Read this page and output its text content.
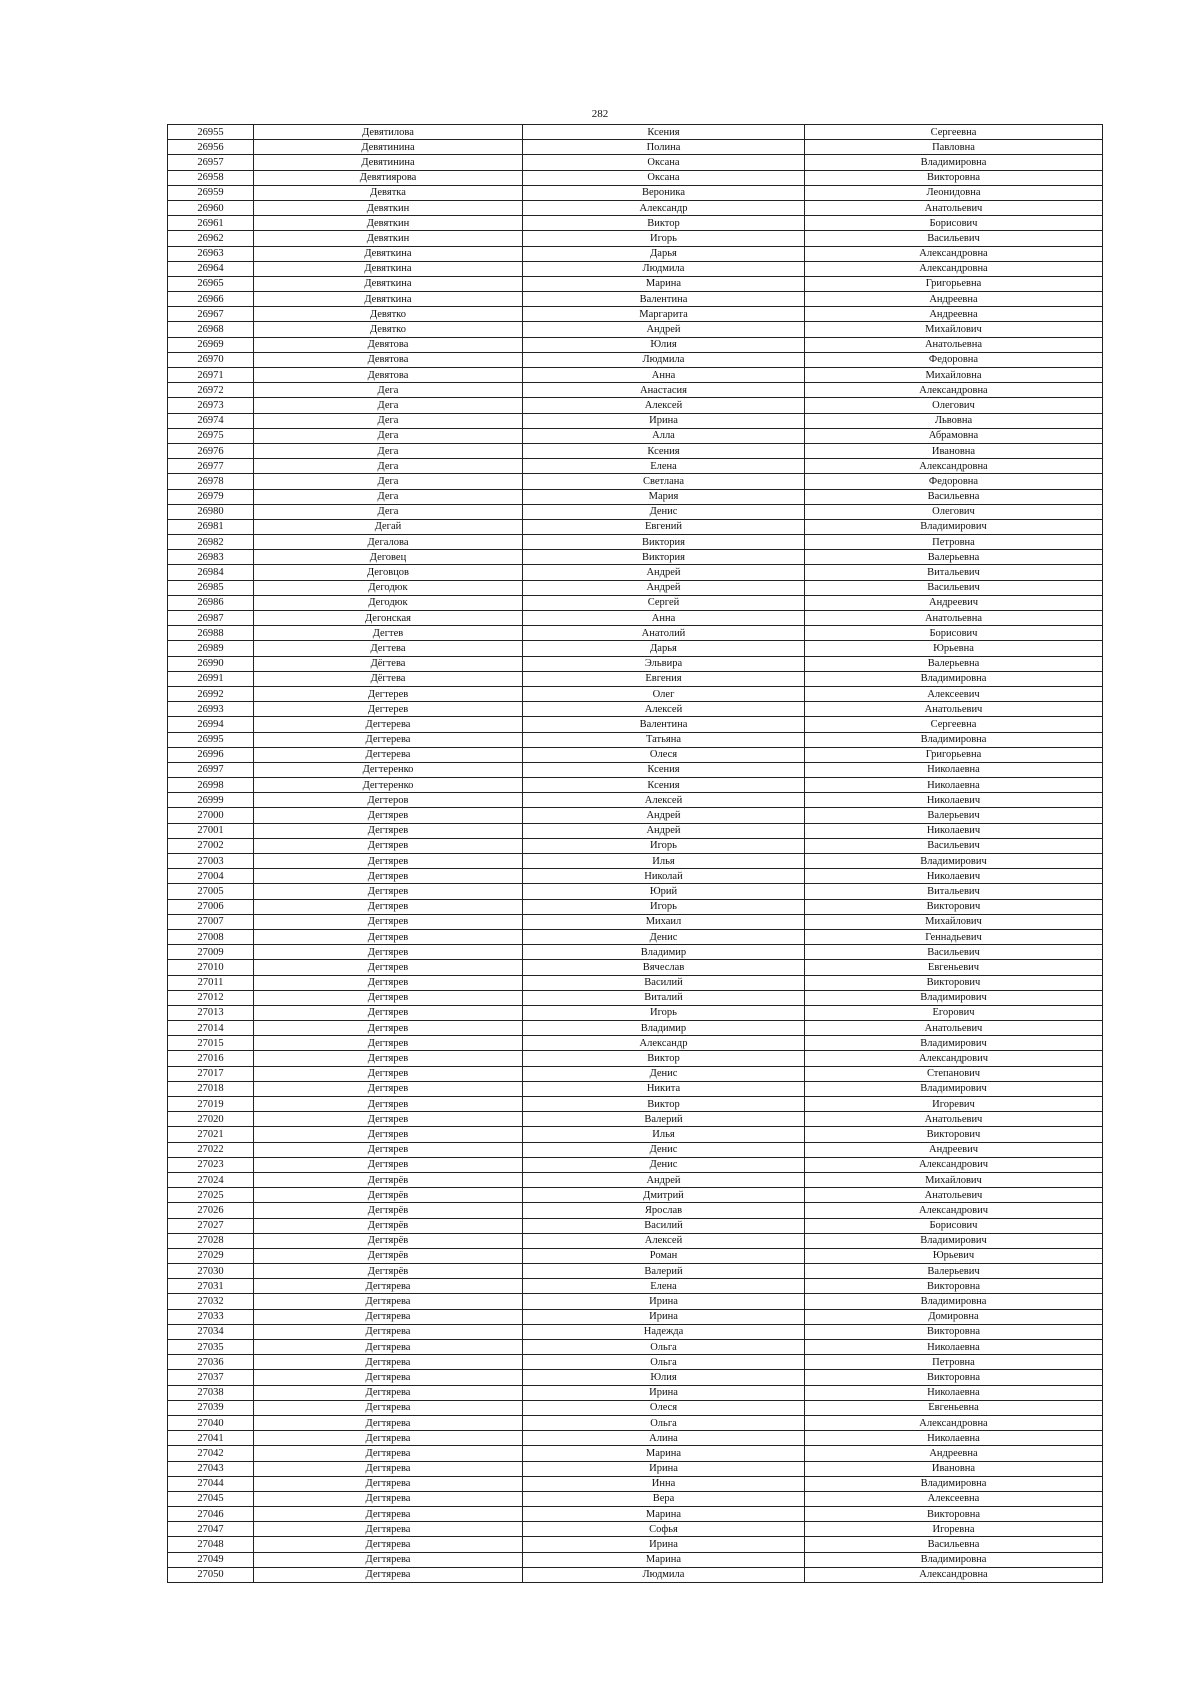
282
26955	Девятилова	Ксения	Сергеевна
26956	Девятинина	Полина	Павловна
26957	Девятинина	Оксана	Владимировна
26958	Девятиярова	Оксана	Викторовна
26959	Девятка	Вероника	Леонидовна
26960	Девяткин	Александр	Анатольевич
26961	Девяткин	Виктор	Борисович
26962	Девяткин	Игорь	Васильевич
26963	Девяткина	Дарья	Александровна
26964	Девяткина	Людмила	Александровна
26965	Девяткина	Марина	Григорьевна
26966	Девяткина	Валентина	Андреевна
26967	Девятко	Маргарита	Андреевна
26968	Девятко	Андрей	Михайлович
26969	Девятова	Юлия	Анатольевна
26970	Девятова	Людмила	Федоровна
26971	Девятова	Анна	Михайловна
26972	Дега	Анастасия	Александровна
26973	Дега	Алексей	Олегович
26974	Дега	Ирина	Львовна
26975	Дега	Алла	Абрамовна
26976	Дега	Ксения	Ивановна
26977	Дега	Елена	Александровна
26978	Дега	Светлана	Федоровна
26979	Дега	Мария	Васильевна
26980	Дега	Денис	Олегович
26981	Дегай	Евгений	Владимирович
26982	Дегалова	Виктория	Петровна
26983	Деговец	Виктория	Валерьевна
26984	Деговцов	Андрей	Витальевич
26985	Дегодюк	Андрей	Васильевич
26986	Дегодюк	Сергей	Андреевич
26987	Дегонская	Анна	Анатольевна
26988	Дегтев	Анатолий	Борисович
26989	Дегтева	Дарья	Юрьевна
26990	Дёгтева	Эльвира	Валерьевна
26991	Дёгтева	Евгения	Владимировна
26992	Дегтерев	Олег	Алексеевич
26993	Дегтерев	Алексей	Анатольевич
26994	Дегтерева	Валентина	Сергеевна
26995	Дегтерева	Татьяна	Владимировна
26996	Дегтерева	Олеся	Григорьевна
26997	Дегтеренко	Ксения	Николаевна
26998	Дегтеренко	Ксения	Николаевна
26999	Дегтеров	Алексей	Николаевич
27000	Дегтярев	Андрей	Валерьевич
27001	Дегтярев	Андрей	Николаевич
27002	Дегтярев	Игорь	Васильевич
27003	Дегтярев	Илья	Владимирович
27004	Дегтярев	Николай	Николаевич
27005	Дегтярев	Юрий	Витальевич
27006	Дегтярев	Игорь	Викторович
27007	Дегтярев	Михаил	Михайлович
27008	Дегтярев	Денис	Геннадьевич
27009	Дегтярев	Владимир	Васильевич
27010	Дегтярев	Вячеслав	Евгеньевич
27011	Дегтярев	Василий	Викторович
27012	Дегтярев	Виталий	Владимирович
27013	Дегтярев	Игорь	Егорович
27014	Дегтярев	Владимир	Анатольевич
27015	Дегтярев	Александр	Владимирович
27016	Дегтярев	Виктор	Александрович
27017	Дегтярев	Денис	Степанович
27018	Дегтярев	Никита	Владимирович
27019	Дегтярев	Виктор	Игоревич
27020	Дегтярев	Валерий	Анатольевич
27021	Дегтярев	Илья	Викторович
27022	Дегтярев	Денис	Андреевич
27023	Дегтярев	Денис	Александрович
27024	Дегтярёв	Андрей	Михайлович
27025	Дегтярёв	Дмитрий	Анатольевич
27026	Дегтярёв	Ярослав	Александрович
27027	Дегтярёв	Василий	Борисович
27028	Дегтярёв	Алексей	Владимирович
27029	Дегтярёв	Роман	Юрьевич
27030	Дегтярёв	Валерий	Валерьевич
27031	Дегтярева	Елена	Викторовна
27032	Дегтярева	Ирина	Владимировна
27033	Дегтярева	Ирина	Домировна
27034	Дегтярева	Надежда	Викторовна
27035	Дегтярева	Ольга	Николаевна
27036	Дегтярева	Ольга	Петровна
27037	Дегтярева	Юлия	Викторовна
27038	Дегтярева	Ирина	Николаевна
27039	Дегтярева	Олеся	Евгеньевна
27040	Дегтярева	Ольга	Александровна
27041	Дегтярева	Алина	Николаевна
27042	Дегтярева	Марина	Андреевна
27043	Дегтярева	Ирина	Ивановна
27044	Дегтярева	Инна	Владимировна
27045	Дегтярева	Вера	Алексеевна
27046	Дегтярева	Марина	Викторовна
27047	Дегтярева	Софья	Игоревна
27048	Дегтярева	Ирина	Васильевна
27049	Дегтярева	Марина	Владимировна
27050	Дегтярева	Людмила	Александровна
